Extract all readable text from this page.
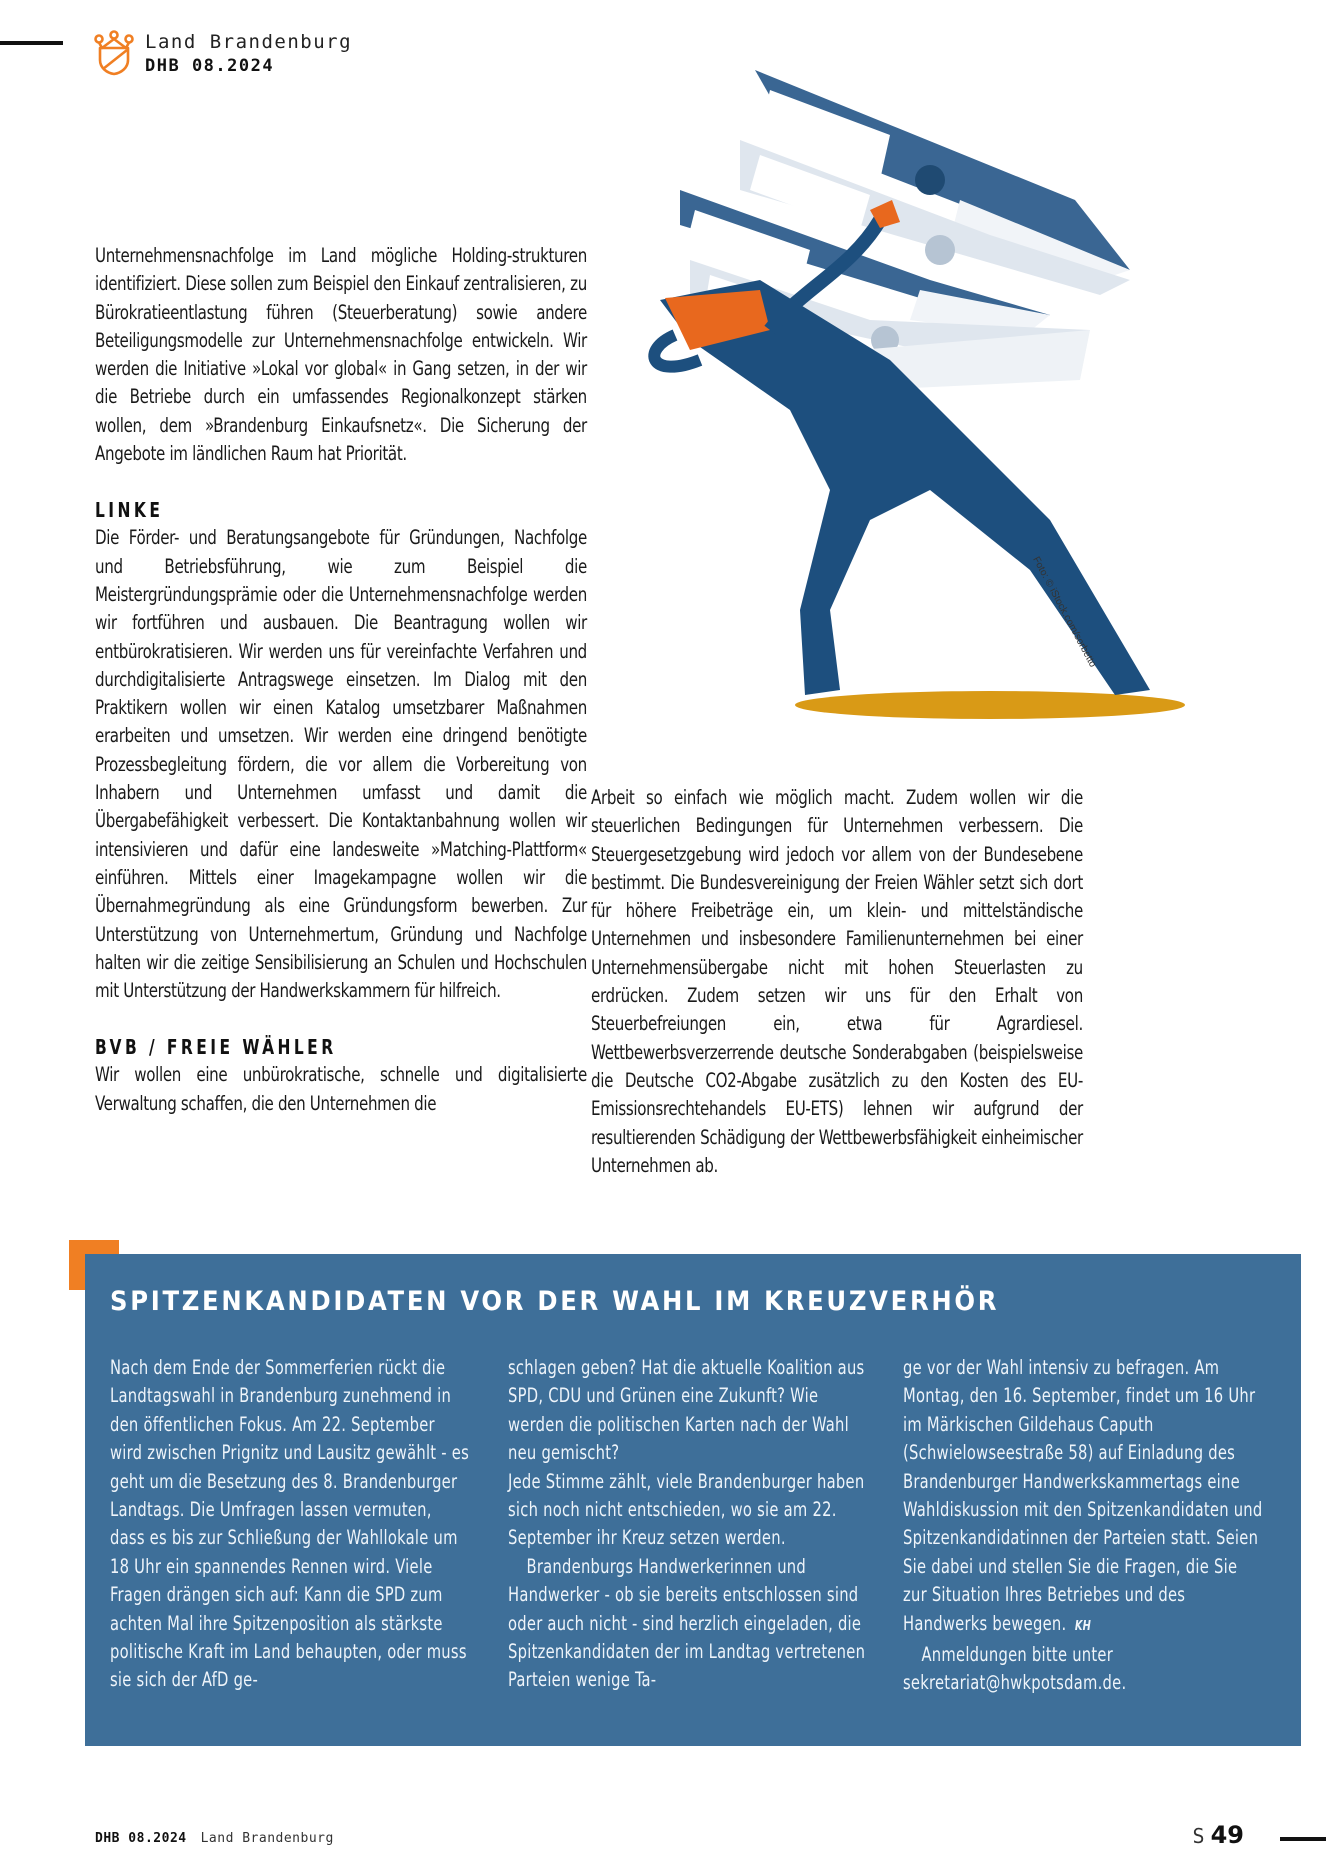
Land Brandenburg
DHB 08.2024

Unternehmensnachfolge im Land mögliche Holding-strukturen identifiziert. Diese sollen zum Beispiel den Einkauf zentralisieren, zu Bürokratieentlastung führen (Steuerberatung) sowie andere Beteiligungsmodelle zur Unternehmensnachfolge entwickeln. Wir werden die Initiative »Lokal vor global« in Gang setzen, in der wir die Betriebe durch ein umfassendes Regionalkonzept stärken wollen, dem »Brandenburg Einkaufsnetz«. Die Sicherung der Angebote im ländlichen Raum hat Priorität.

LINKE

Die Förder- und Beratungsangebote für Gründungen, Nachfolge und Betriebsführung, wie zum Beispiel die Meistergründungsprämie oder die Unternehmensnachfolge werden wir fortführen und ausbauen. Die Beantragung wollen wir entbürokratisieren. Wir werden uns für vereinfachte Verfahren und durchdigitalisierte Antragswege einsetzen. Im Dialog mit den Praktikern wollen wir einen Katalog umsetzbarer Maßnahmen erarbeiten und umsetzen. Wir werden eine dringend benötigte Prozessbegleitung fördern, die vor allem die Vorbereitung von Inhabern und Unternehmen umfasst und damit die Übergabefähigkeit verbessert. Die Kontaktanbahnung wollen wir intensivieren und dafür eine landesweite »Matching-Plattform« einführen. Mittels einer Imagekampagne wollen wir die Übernahmegründung als eine Gründungsform bewerben. Zur Unterstützung von Unternehmertum, Gründung und Nachfolge halten wir die zeitige Sensibilisierung an Schulen und Hochschulen mit Unterstützung der Handwerkskammern für hilfreich.

BVB / FREIE WÄHLER

Wir wollen eine unbürokratische, schnelle und digitalisierte Verwaltung schaffen, die den Unternehmen die

Foto: © iStock.com/sorbetto

Arbeit so einfach wie möglich macht. Zudem wollen wir die steuerlichen Bedingungen für Unternehmen verbessern. Die Steuergesetzgebung wird jedoch vor allem von der Bundesebene bestimmt. Die Bundesvereinigung der Freien Wähler setzt sich dort für höhere Freibeträge ein, um klein- und mittelständische Unternehmen und insbesondere Familienunternehmen bei einer Unternehmensübergabe nicht mit hohen Steuerlasten zu erdrücken. Zudem setzen wir uns für den Erhalt von Steuerbefreiungen ein, etwa für Agrardiesel. Wettbewerbsverzerrende deutsche Sonderabgaben (beispielsweise die Deutsche CO2-Abgabe zusätzlich zu den Kosten des EU-Emissionsrechtehandels EU-ETS) lehnen wir aufgrund der resultierenden Schädigung der Wettbewerbsfähigkeit einheimischer Unternehmen ab.

SPITZENKANDIDATEN VOR DER WAHL IM KREUZVERHÖR

Nach dem Ende der Sommerferien rückt die Landtagswahl in Brandenburg zunehmend in den öffentlichen Fokus. Am 22. September wird zwischen Prignitz und Lausitz gewählt - es geht um die Besetzung des 8. Brandenburger Landtags. Die Umfragen lassen vermuten, dass es bis zur Schließung der Wahllokale um 18 Uhr ein spannendes Rennen wird. Viele Fragen drängen sich auf: Kann die SPD zum achten Mal ihre Spitzenposition als stärkste politische Kraft im Land behaupten, oder muss sie sich der AfD ge-

schlagen geben? Hat die aktuelle Koalition aus SPD, CDU und Grünen eine Zukunft? Wie werden die politischen Karten nach der Wahl neu gemischt?

Jede Stimme zählt, viele Brandenburger haben sich noch nicht entschieden, wo sie am 22. September ihr Kreuz setzen werden.

Brandenburgs Handwerkerinnen und Handwerker - ob sie bereits entschlossen sind oder auch nicht - sind herzlich eingeladen, die Spitzenkandidaten der im Landtag vertretenen Parteien wenige Ta-

ge vor der Wahl intensiv zu befragen. Am Montag, den 16. September, findet um 16 Uhr im Märkischen Gildehaus Caputh (Schwielowseestraße 58) auf Einladung des Brandenburger Handwerkskammertags eine Wahldiskussion mit den Spitzenkandidaten und Spitzenkandidatinnen der Parteien statt. Seien Sie dabei und stellen Sie die Fragen, die Sie zur Situation Ihres Betriebes und des Handwerks bewegen. KH

Anmeldungen bitte unter sekretariat@hwkpotsdam.de.

DHB 08.2024 Land Brandenburg	S 49
